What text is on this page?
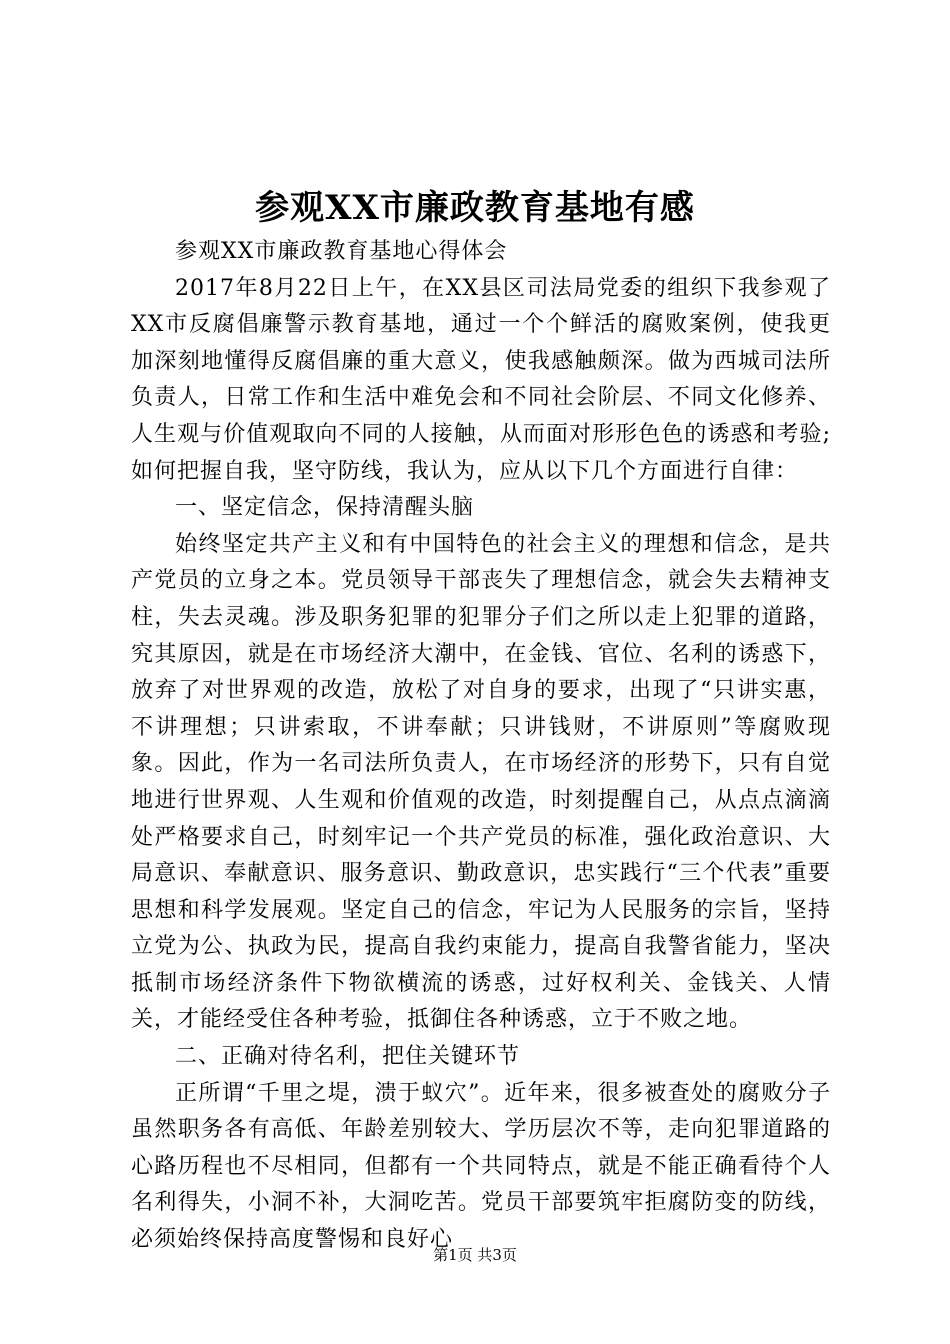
参观XX市廉政教育基地有感

参观XX市廉政教育基地心得体会

2017年8月22日上午，在XX县区司法局党委的组织下我参观了XX市反腐倡廉警示教育基地，通过一个个鲜活的腐败案例，使我更加深刻地懂得反腐倡廉的重大意义，使我感触颇深。做为西城司法所负责人，日常工作和生活中难免会和不同社会阶层、不同文化修养、人生观与价值观取向不同的人接触，从而面对形形色色的诱惑和考验;如何把握自我，坚守防线，我认为，应从以下几个方面进行自律：

一、坚定信念，保持清醒头脑

始终坚定共产主义和有中国特色的社会主义的理想和信念，是共产党员的立身之本。党员领导干部丧失了理想信念，就会失去精神支柱，失去灵魂。涉及职务犯罪的犯罪分子们之所以走上犯罪的道路，究其原因，就是在市场经济大潮中，在金钱、官位、名利的诱惑下，放弃了对世界观的改造，放松了对自身的要求，出现了“只讲实惠，不讲理想；只讲索取，不讲奉献；只讲钱财，不讲原则”等腐败现象。因此，作为一名司法所负责人，在市场经济的形势下，只有自觉地进行世界观、人生观和价值观的改造，时刻提醒自己，从点点滴滴处严格要求自己，时刻牢记一个共产党员的标准，强化政治意识、大局意识、奉献意识、服务意识、勤政意识，忠实践行“三个代表”重要思想和科学发展观。坚定自己的信念，牢记为人民服务的宗旨，坚持立党为公、执政为民，提高自我约束能力，提高自我警省能力，坚决抵制市场经济条件下物欲横流的诱惑，过好权利关、金钱关、人情关，才能经受住各种考验，抵御住各种诱惑，立于不败之地。

二、正确对待名利，把住关键环节

正所谓“千里之堤，溃于蚁穴”。近年来，很多被查处的腐败分子虽然职务各有高低、年龄差别较大、学历层次不等，走向犯罪道路的心路历程也不尽相同，但都有一个共同特点，就是不能正确看待个人名利得失，小洞不补，大洞吃苦。党员干部要筑牢拒腐防变的防线，必须始终保持高度警惕和良好心

第1页 共3页
